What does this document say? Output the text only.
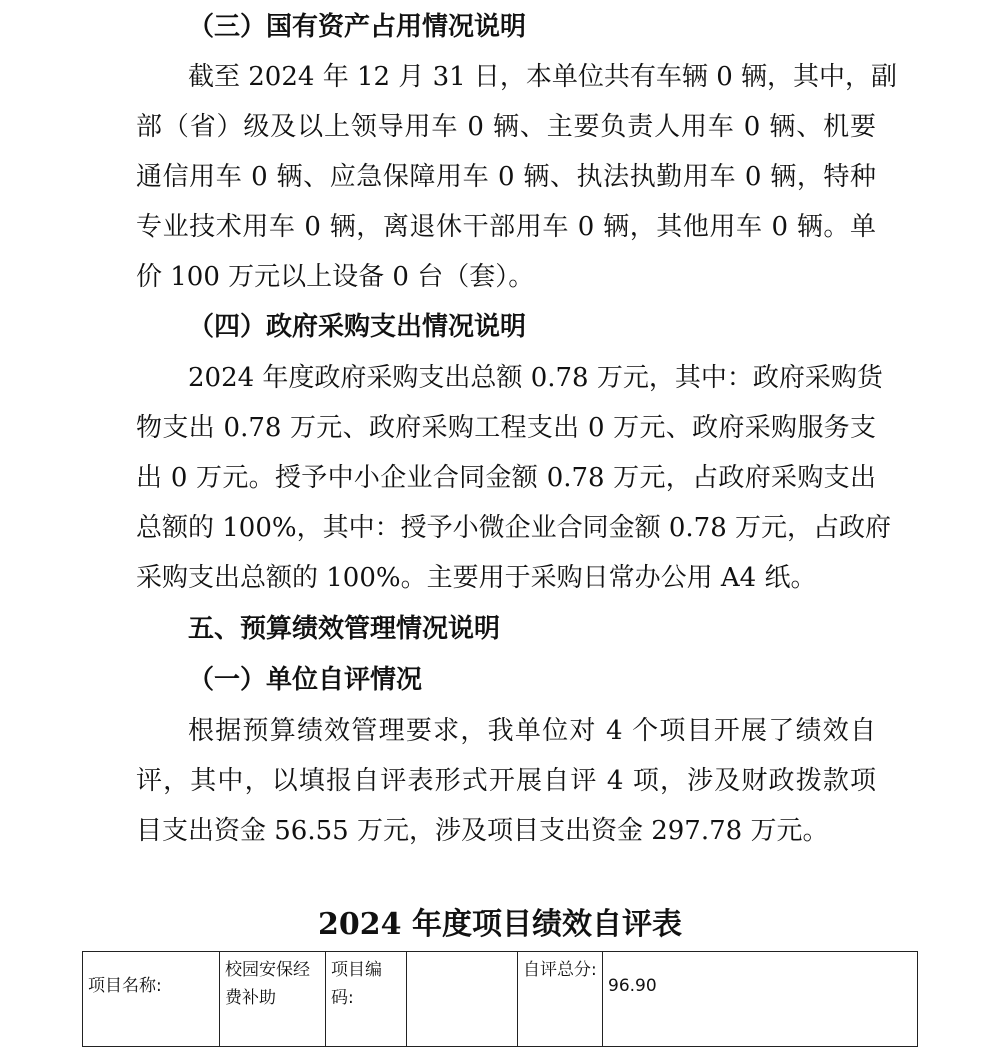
（三）国有资产占用情况说明
截至 2024 年 12 月 31 日，本单位共有车辆 0 辆，其中，副
部（省）级及以上领导用车 0 辆、主要负责人用车 0 辆、机要
通信用车 0 辆、应急保障用车 0 辆、执法执勤用车 0 辆，特种
专业技术用车 0 辆，离退休干部用车 0 辆，其他用车 0 辆。单
价 100 万元以上设备 0 台（套）。
（四）政府采购支出情况说明
2024 年度政府采购支出总额 0.78 万元，其中：政府采购货
物支出 0.78 万元、政府采购工程支出 0 万元、政府采购服务支
出 0 万元。授予中小企业合同金额 0.78 万元，占政府采购支出
总额的 100%，其中：授予小微企业合同金额 0.78 万元，占政府
采购支出总额的 100%。主要用于采购日常办公用 A4 纸。
五、预算绩效管理情况说明
（一）单位自评情况
根据预算绩效管理要求，我单位对 4 个项目开展了绩效自
评，其中，以填报自评表形式开展自评 4 项，涉及财政拨款项
目支出资金 56.55 万元，涉及项目支出资金 297.78 万元。
2024 年度项目绩效自评表
项目名称:	校园安保经费补助	项目编码:		自评总分:	96.90
